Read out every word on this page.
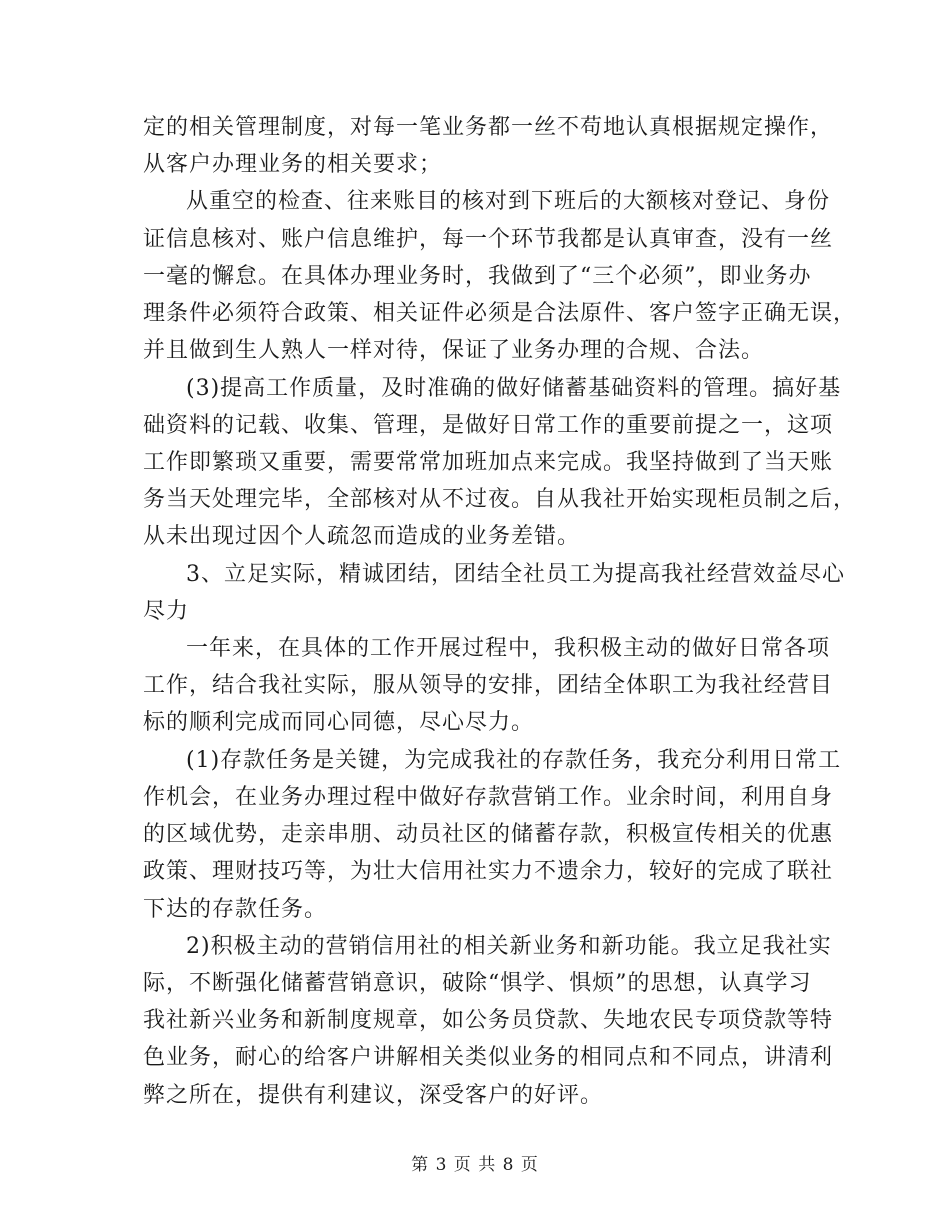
定的相关管理制度，对每一笔业务都一丝不苟地认真根据规定操作，
从客户办理业务的相关要求；
从重空的检查、往来账目的核对到下班后的大额核对登记、身份
证信息核对、账户信息维护，每一个环节我都是认真审查，没有一丝
一毫的懈怠。在具体办理业务时，我做到了“三个必须”，即业务办
理条件必须符合政策、相关证件必须是合法原件、客户签字正确无误，
并且做到生人熟人一样对待，保证了业务办理的合规、合法。
(3)提高工作质量，及时准确的做好储蓄基础资料的管理。搞好基
础资料的记载、收集、管理，是做好日常工作的重要前提之一，这项
工作即繁琐又重要，需要常常加班加点来完成。我坚持做到了当天账
务当天处理完毕，全部核对从不过夜。自从我社开始实现柜员制之后，
从未出现过因个人疏忽而造成的业务差错。
3、立足实际，精诚团结，团结全社员工为提高我社经营效益尽心
尽力
一年来，在具体的工作开展过程中，我积极主动的做好日常各项
工作，结合我社实际，服从领导的安排，团结全体职工为我社经营目
标的顺利完成而同心同德，尽心尽力。
(1)存款任务是关键，为完成我社的存款任务，我充分利用日常工
作机会，在业务办理过程中做好存款营销工作。业余时间，利用自身
的区域优势，走亲串朋、动员社区的储蓄存款，积极宣传相关的优惠
政策、理财技巧等，为壮大信用社实力不遗余力，较好的完成了联社
下达的存款任务。
2)积极主动的营销信用社的相关新业务和新功能。我立足我社实
际，不断强化储蓄营销意识，破除“惧学、惧烦”的思想，认真学习
我社新兴业务和新制度规章，如公务员贷款、失地农民专项贷款等特
色业务，耐心的给客户讲解相关类似业务的相同点和不同点，讲清利
弊之所在，提供有利建议，深受客户的好评。
第 3 页 共 8 页
